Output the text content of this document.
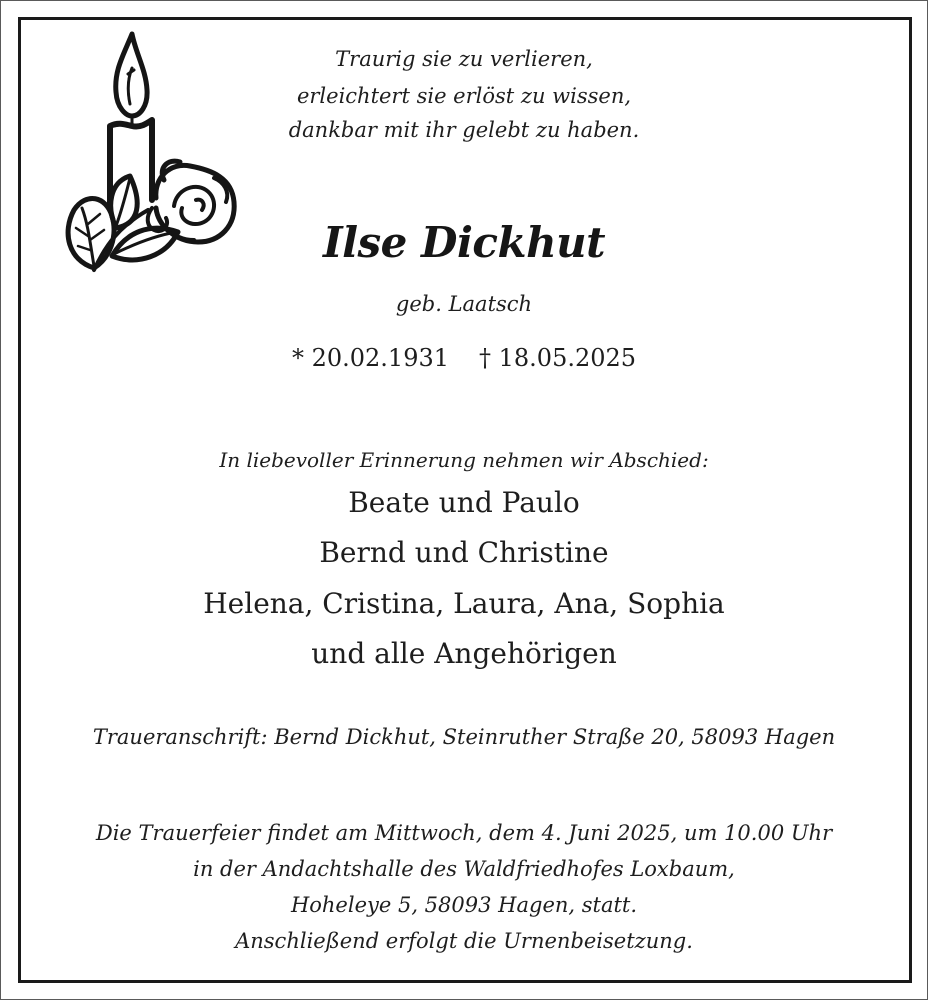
Traurig sie zu verlieren,

erleichtert sie erlöst zu wissen,

dankbar mit ihr gelebt zu haben.

Ilse Dickhut

geb. Laatsch

* 20.02.1931 † 18.05.2025

In liebevoller Erinnerung nehmen wir Abschied:

Beate und Paulo

Bernd und Christine

Helena, Cristina, Laura, Ana, Sophia

und alle Angehörigen

Traueranschrift: Bernd Dickhut, Steinruther Straße 20, 58093 Hagen

Die Trauerfeier findet am Mittwoch, dem 4. Juni 2025, um 10.00 Uhr

in der Andachtshalle des Waldfriedhofes Loxbaum,

Hoheleye 5, 58093 Hagen, statt.

Anschließend erfolgt die Urnenbeisetzung.
